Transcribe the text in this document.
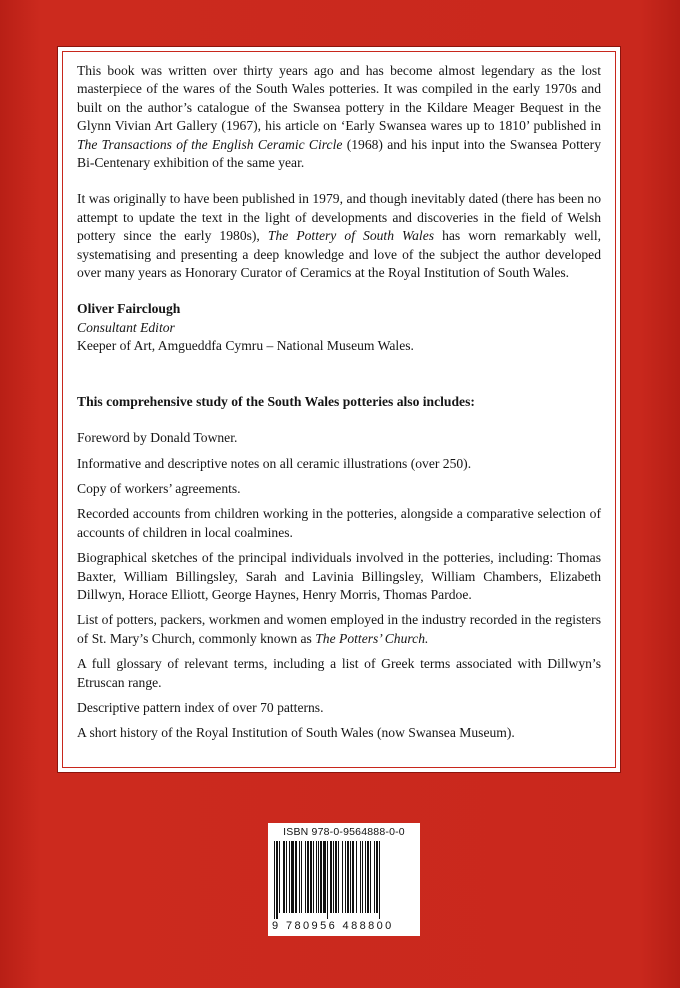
This book was written over thirty years ago and has become almost legendary as the lost masterpiece of the wares of the South Wales potteries. It was compiled in the early 1970s and built on the author’s catalogue of the Swansea pottery in the Kildare Meager Bequest in the Glynn Vivian Art Gallery (1967), his article on ‘Early Swansea wares up to 1810’ published in The Transactions of the English Ceramic Circle (1968) and his input into the Swansea Pottery Bi-Centenary exhibition of the same year.

It was originally to have been published in 1979, and though inevitably dated (there has been no attempt to update the text in the light of developments and discoveries in the field of Welsh pottery since the early 1980s), The Pottery of South Wales has worn remarkably well, systematising and presenting a deep knowledge and love of the subject the author developed over many years as Honorary Curator of Ceramics at the Royal Institution of South Wales.

Oliver Fairclough

Consultant Editor

Keeper of Art, Amgueddfa Cymru – National Museum Wales.

This comprehensive study of the South Wales potteries also includes:

Foreword by Donald Towner.

Informative and descriptive notes on all ceramic illustrations (over 250).

Copy of workers’ agreements.

Recorded accounts from children working in the potteries, alongside a comparative selection of accounts of children in local coalmines.

Biographical sketches of the principal individuals involved in the potteries, including: Thomas Baxter, William Billingsley, Sarah and Lavinia Billingsley, William Chambers, Elizabeth Dillwyn, Horace Elliott, George Haynes, Henry Morris, Thomas Pardoe.

List of potters, packers, workmen and women employed in the industry recorded in the registers of St. Mary’s Church, commonly known as The Potters’ Church.

A full glossary of relevant terms, including a list of Greek terms associated with Dillwyn’s Etruscan range.

Descriptive pattern index of over 70 patterns.

A short history of the Royal Institution of South Wales (now Swansea Museum).

ISBN 978-0-9564888-0-0
9 780956 488800
